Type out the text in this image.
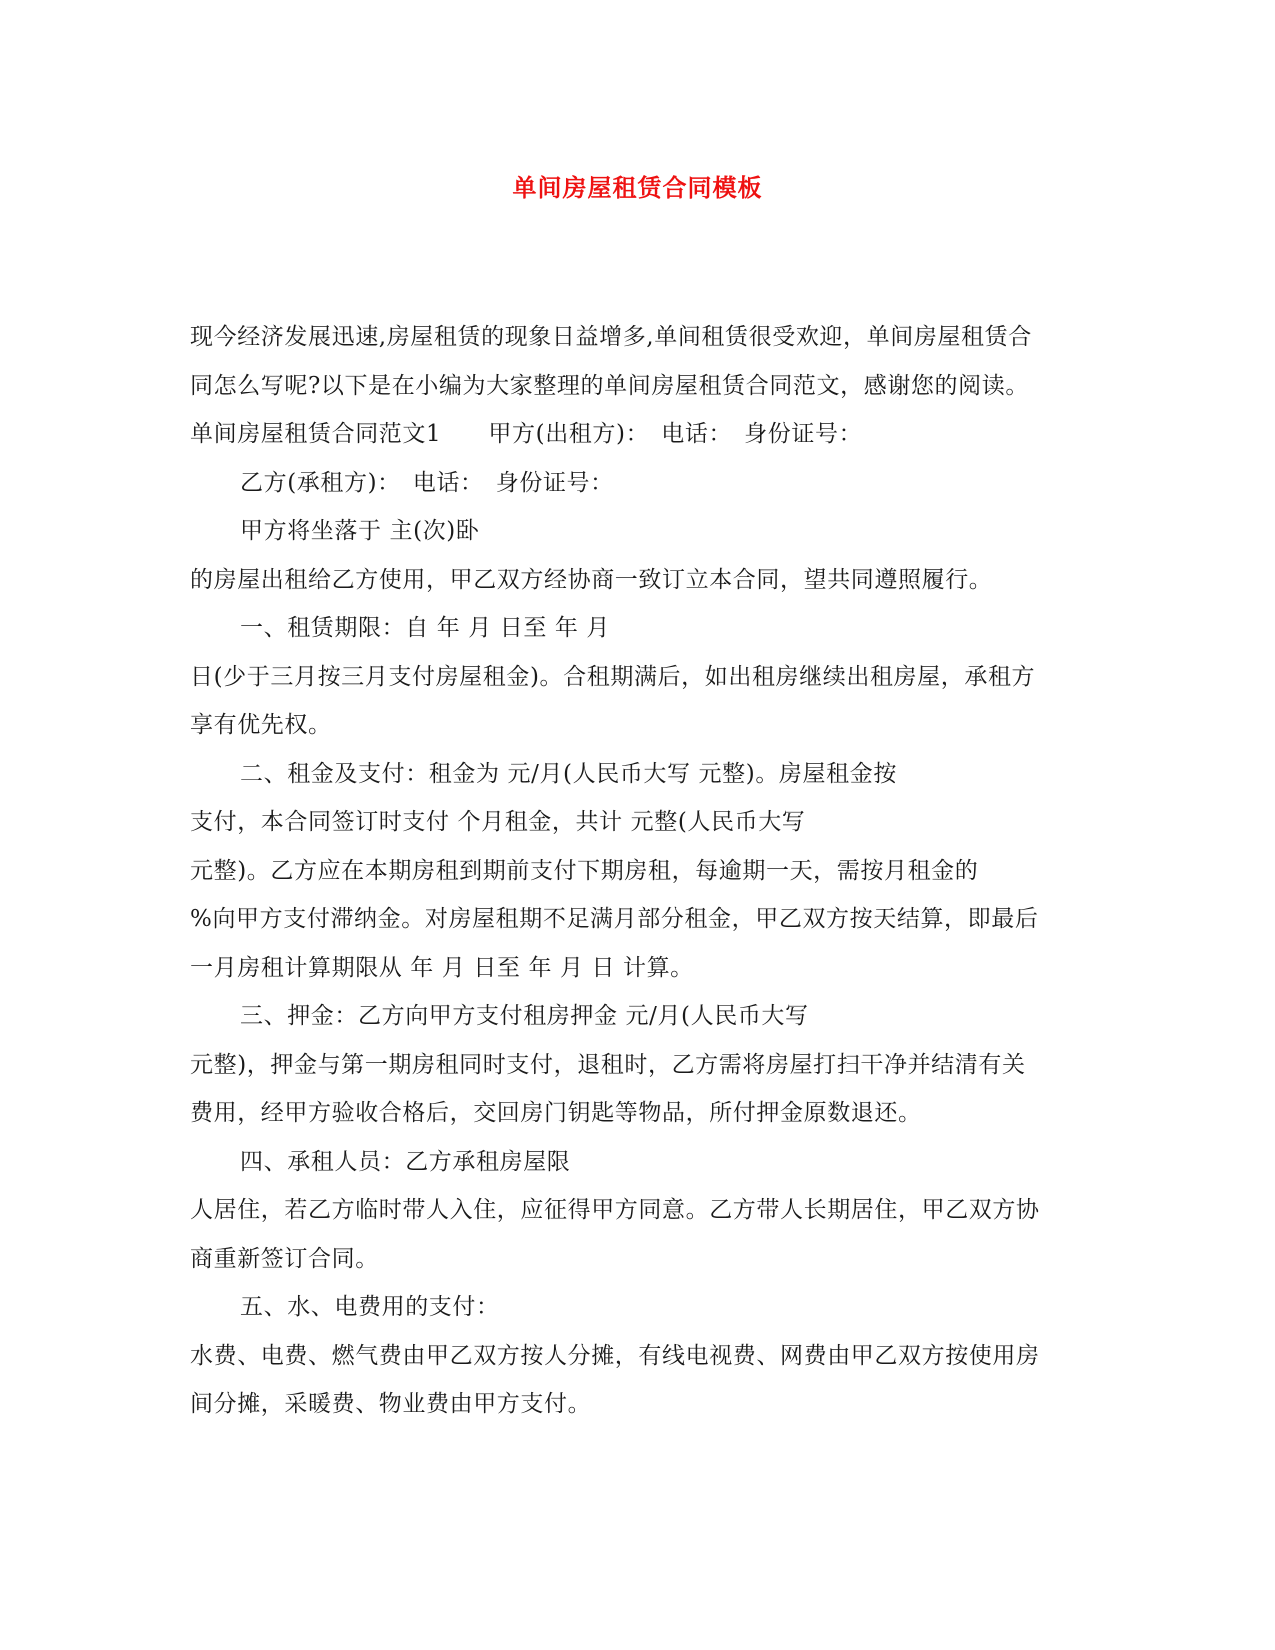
单间房屋租赁合同模板
现今经济发展迅速,房屋租赁的现象日益增多,单间租赁很受欢迎，单间房屋租赁合
同怎么写呢?以下是在小编为大家整理的单间房屋租赁合同范文，感谢您的阅读。
单间房屋租赁合同范文1　　甲方(出租方)：　电话：　身份证号：
乙方(承租方)：　电话：　身份证号：
甲方将坐落于 主(次)卧
的房屋出租给乙方使用，甲乙双方经协商一致订立本合同，望共同遵照履行。
一、租赁期限：自 年 月 日至 年 月
日(少于三月按三月支付房屋租金)。合租期满后，如出租房继续出租房屋，承租方
享有优先权。
二、租金及支付：租金为 元/月(人民币大写 元整)。房屋租金按
支付，本合同签订时支付 个月租金，共计 元整(人民币大写
元整)。乙方应在本期房租到期前支付下期房租，每逾期一天，需按月租金的
%向甲方支付滞纳金。对房屋租期不足满月部分租金，甲乙双方按天结算，即最后
一月房租计算期限从 年 月 日至 年 月 日 计算。
三、押金：乙方向甲方支付租房押金 元/月(人民币大写
元整)，押金与第一期房租同时支付，退租时，乙方需将房屋打扫干净并结清有关
费用，经甲方验收合格后，交回房门钥匙等物品，所付押金原数退还。
四、承租人员：乙方承租房屋限
人居住，若乙方临时带人入住，应征得甲方同意。乙方带人长期居住，甲乙双方协
商重新签订合同。
五、水、电费用的支付：
水费、电费、燃气费由甲乙双方按人分摊，有线电视费、网费由甲乙双方按使用房
间分摊，采暖费、物业费由甲方支付。
